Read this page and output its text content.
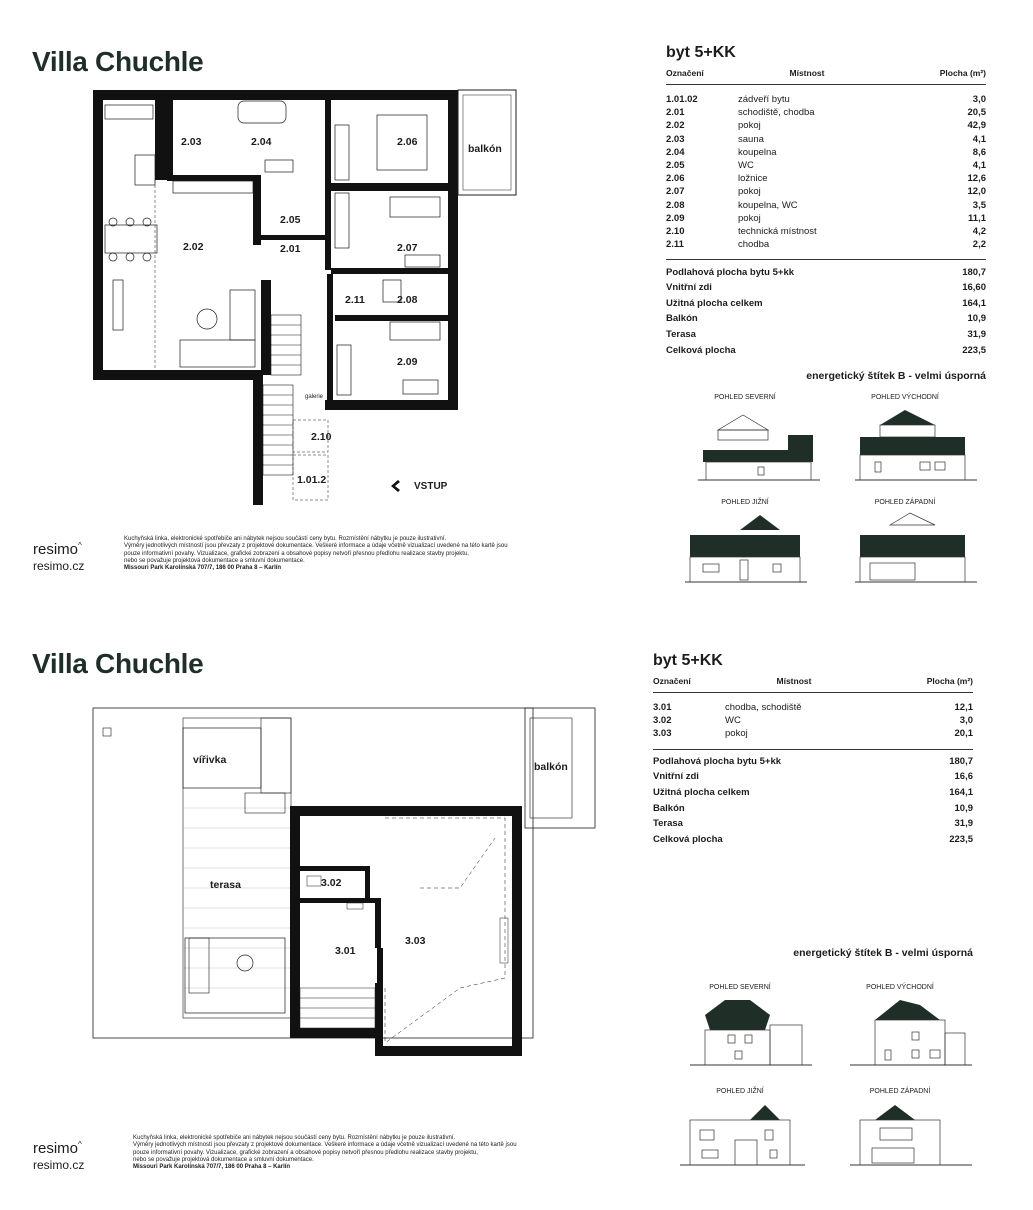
Villa Chuchle
2.03	2.04	2.06
balkón
2.05
2.02	2.01	2.07
2.11	2.08
2.09
galerie
2.10
1.01.2
VSTUP
byt 5+KK
Označení	Místnost	Plocha (m²)
1.01.02	zádveří bytu	3,0
2.01	schodiště, chodba	20,5
2.02	pokoj	42,9
2.03	sauna	4,1
2.04	koupelna	8,6
2.05	WC	4,1
2.06	ložnice	12,6
2.07	pokoj	12,0
2.08	koupelna, WC	3,5
2.09	pokoj	11,1
2.10	technická místnost	4,2
2.11	chodba	2,2
Podlahová plocha bytu 5+kk	180,7
Vnitřní zdi	16,60
Užitná plocha celkem	164,1
Balkón	10,9
Terasa	31,9
Celková plocha	223,5
energetický štítek B - velmi úsporná
POHLED SEVERNÍ	POHLED VÝCHODNÍ
POHLED JIŽNÍ	POHLED ZÁPADNÍ
resimo^
resimo.cz
Kuchyňská linka, elektronické spotřebiče ani nábytek nejsou součástí ceny bytu. Rozmístění nábytku je pouze ilustrativní.
Výměry jednotlivých místností jsou převzaty z projektové dokumentace. Veškeré informace a údaje včetně vizualizací uvedené na této kartě jsou
pouze informativní povahy. Vizualizace, grafické zobrazení a obsahové popisy netvoří přesnou předlohu realizace stavby projektu,
nebo se považuje projektová dokumentace a smluvní dokumentace.
Missouri Park Karolínská 707/7, 186 00 Praha 8 – Karlín
Villa Chuchle
vířivka
balkón
terasa	3.02
3.01
3.03
byt 5+KK
Označení	Místnost	Plocha (m²)
3.01	chodba, schodiště	12,1
3.02	WC	3,0
3.03	pokoj	20,1
Podlahová plocha bytu 5+kk	180,7
Vnitřní zdi	16,6
Užitná plocha celkem	164,1
Balkón	10,9
Terasa	31,9
Celková plocha	223,5
energetický štítek B - velmi úsporná
POHLED SEVERNÍ	POHLED VÝCHODNÍ
POHLED JIŽNÍ	POHLED ZÁPADNÍ
resimo^
resimo.cz
Kuchyňská linka, elektronické spotřebiče ani nábytek nejsou součástí ceny bytu. Rozmístění nábytku je pouze ilustrativní.
Výměry jednotlivých místností jsou převzaty z projektové dokumentace. Veškeré informace a údaje včetně vizualizací uvedené na této kartě jsou
pouze informativní povahy. Vizualizace, grafické zobrazení a obsahové popisy netvoří přesnou předlohu realizace stavby projektu,
nebo se považuje projektová dokumentace a smluvní dokumentace.
Missouri Park Karolínská 707/7, 186 00 Praha 8 – Karlín
